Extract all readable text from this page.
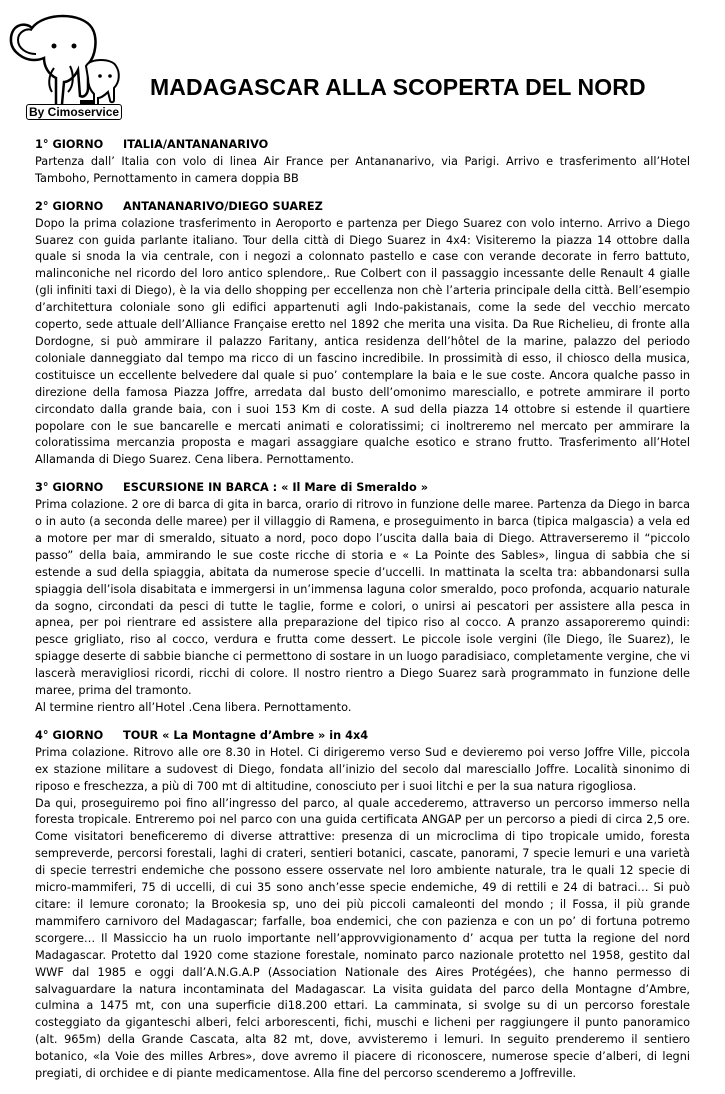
By Cimoservice
MADAGASCAR ALLA SCOPERTA DEL NORD
1° GIORNO ITALIA/ANTANANARIVO

Partenza dall’ Italia con volo di linea Air France per Antananarivo, via Parigi. Arrivo e trasferimento all’Hotel Tamboho, Pernottamento in camera doppia BB

2° GIORNO ANTANANARIVO/DIEGO SUAREZ

Dopo la prima colazione trasferimento in Aeroporto e partenza per Diego Suarez con volo interno. Arrivo a Diego Suarez con guida parlante italiano. Tour della città di Diego Suarez in 4x4: Visiteremo la piazza 14 ottobre dalla quale si snoda la via centrale, con i negozi a colonnato pastello e case con verande decorate in ferro battuto, malinconiche nel ricordo del loro antico splendore,. Rue Colbert con il passaggio incessante delle Renault 4 gialle (gli infiniti taxi di Diego), è la via dello shopping per eccellenza non chè l’arteria principale della città. Bell’esempio d’architettura coloniale sono gli edifici appartenuti agli Indo-pakistanais, come la sede del vecchio mercato coperto, sede attuale dell’Alliance Française eretto nel 1892 che merita una visita. Da Rue Richelieu, di fronte alla Dordogne, si può ammirare il palazzo Faritany, antica residenza dell’hôtel de la marine, palazzo del periodo coloniale danneggiato dal tempo ma ricco di un fascino incredibile. In prossimità di esso, il chiosco della musica, costituisce un eccellente belvedere dal quale si puo’ contemplare la baia e le sue coste. Ancora qualche passo in direzione della famosa Piazza Joffre, arredata dal busto dell’omonimo maresciallo, e potrete ammirare il porto circondato dalla grande baia, con i suoi 153 Km di coste. A sud della piazza 14 ottobre si estende il quartiere popolare con le sue bancarelle e mercati animati e coloratissimi; ci inoltreremo nel mercato per ammirare la coloratissima mercanzia proposta e magari assaggiare qualche esotico e strano frutto. Trasferimento all’Hotel Allamanda di Diego Suarez. Cena libera. Pernottamento.

3° GIORNO ESCURSIONE IN BARCA : « Il Mare di Smeraldo »

Prima colazione. 2 ore di barca di gita in barca, orario di ritrovo in funzione delle maree. Partenza da Diego in barca o in auto (a seconda delle maree) per il villaggio di Ramena, e proseguimento in barca (tipica malgascia) a vela ed a motore per mar di smeraldo, situato a nord, poco dopo l’uscita dalla baia di Diego. Attraverseremo il “piccolo passo” della baia, ammirando le sue coste ricche di storia e « La Pointe des Sables», lingua di sabbia che si estende a sud della spiaggia, abitata da numerose specie d’uccelli. In mattinata la scelta tra: abbandonarsi sulla spiaggia dell’isola disabitata e immergersi in un’immensa laguna color smeraldo, poco profonda, acquario naturale da sogno, circondati da pesci di tutte le taglie, forme e colori, o unirsi ai pescatori per assistere alla pesca in apnea, per poi rientrare ed assistere alla preparazione del tipico riso al cocco. A pranzo assaporeremo quindi: pesce grigliato, riso al cocco, verdura e frutta come dessert. Le piccole isole vergini (île Diego, île Suarez), le spiagge deserte di sabbie bianche ci permettono di sostare in un luogo paradisiaco, completamente vergine, che vi lascerà meravigliosi ricordi, ricchi di colore. Il nostro rientro a Diego Suarez sarà programmato in funzione delle maree, prima del tramonto.

Al termine rientro all’Hotel .Cena libera. Pernottamento.

4° GIORNO TOUR « La Montagne d’Ambre » in 4x4

Prima colazione. Ritrovo alle ore 8.30 in Hotel. Ci dirigeremo verso Sud e devieremo poi verso Joffre Ville, piccola ex stazione militare a sudovest di Diego, fondata all’inizio del secolo dal maresciallo Joffre. Località sinonimo di riposo e freschezza, a più di 700 mt di altitudine, conosciuto per i suoi litchi e per la sua natura rigogliosa.

Da qui, proseguiremo poi fino all’ingresso del parco, al quale accederemo, attraverso un percorso immerso nella foresta tropicale. Entreremo poi nel parco con una guida certificata ANGAP per un percorso a piedi di circa 2,5 ore. Come visitatori beneficeremo di diverse attrattive: presenza di un microclima di tipo tropicale umido, foresta sempreverde, percorsi forestali, laghi di crateri, sentieri botanici, cascate, panorami, 7 specie lemuri e una varietà di specie terrestri endemiche che possono essere osservate nel loro ambiente naturale, tra le quali 12 specie di micro-mammiferi, 75 di uccelli, di cui 35 sono anch’esse specie endemiche, 49 di rettili e 24 di batraci… Si può citare: il lemure coronato; la Brookesia sp, uno dei più piccoli camaleonti del mondo ; il Fossa, il più grande mammifero carnivoro del Madagascar; farfalle, boa endemici, che con pazienza e con un po’ di fortuna potremo scorgere… Il Massiccio ha un ruolo importante nell’approvvigionamento d’ acqua per tutta la regione del nord Madagascar. Protetto dal 1920 come stazione forestale, nominato parco nazionale protetto nel 1958, gestito dal WWF dal 1985 e oggi dall’A.N.G.A.P (Association Nationale des Aires Protégées), che hanno permesso di salvaguardare la natura incontaminata del Madagascar. La visita guidata del parco della Montagne d’Ambre, culmina a 1475 mt, con una superficie di18.200 ettari. La camminata, si svolge su di un percorso forestale costeggiato da giganteschi alberi, felci arborescenti, fichi, muschi e licheni per raggiungere il punto panoramico (alt. 965m) della Grande Cascata, alta 82 mt, dove, avvisteremo i lemuri. In seguito prenderemo il sentiero botanico, «la Voie des milles Arbres», dove avremo il piacere di riconoscere, numerose specie d’alberi, di legni pregiati, di orchidee e di piante medicamentose. Alla fine del percorso scenderemo a Joffreville.
